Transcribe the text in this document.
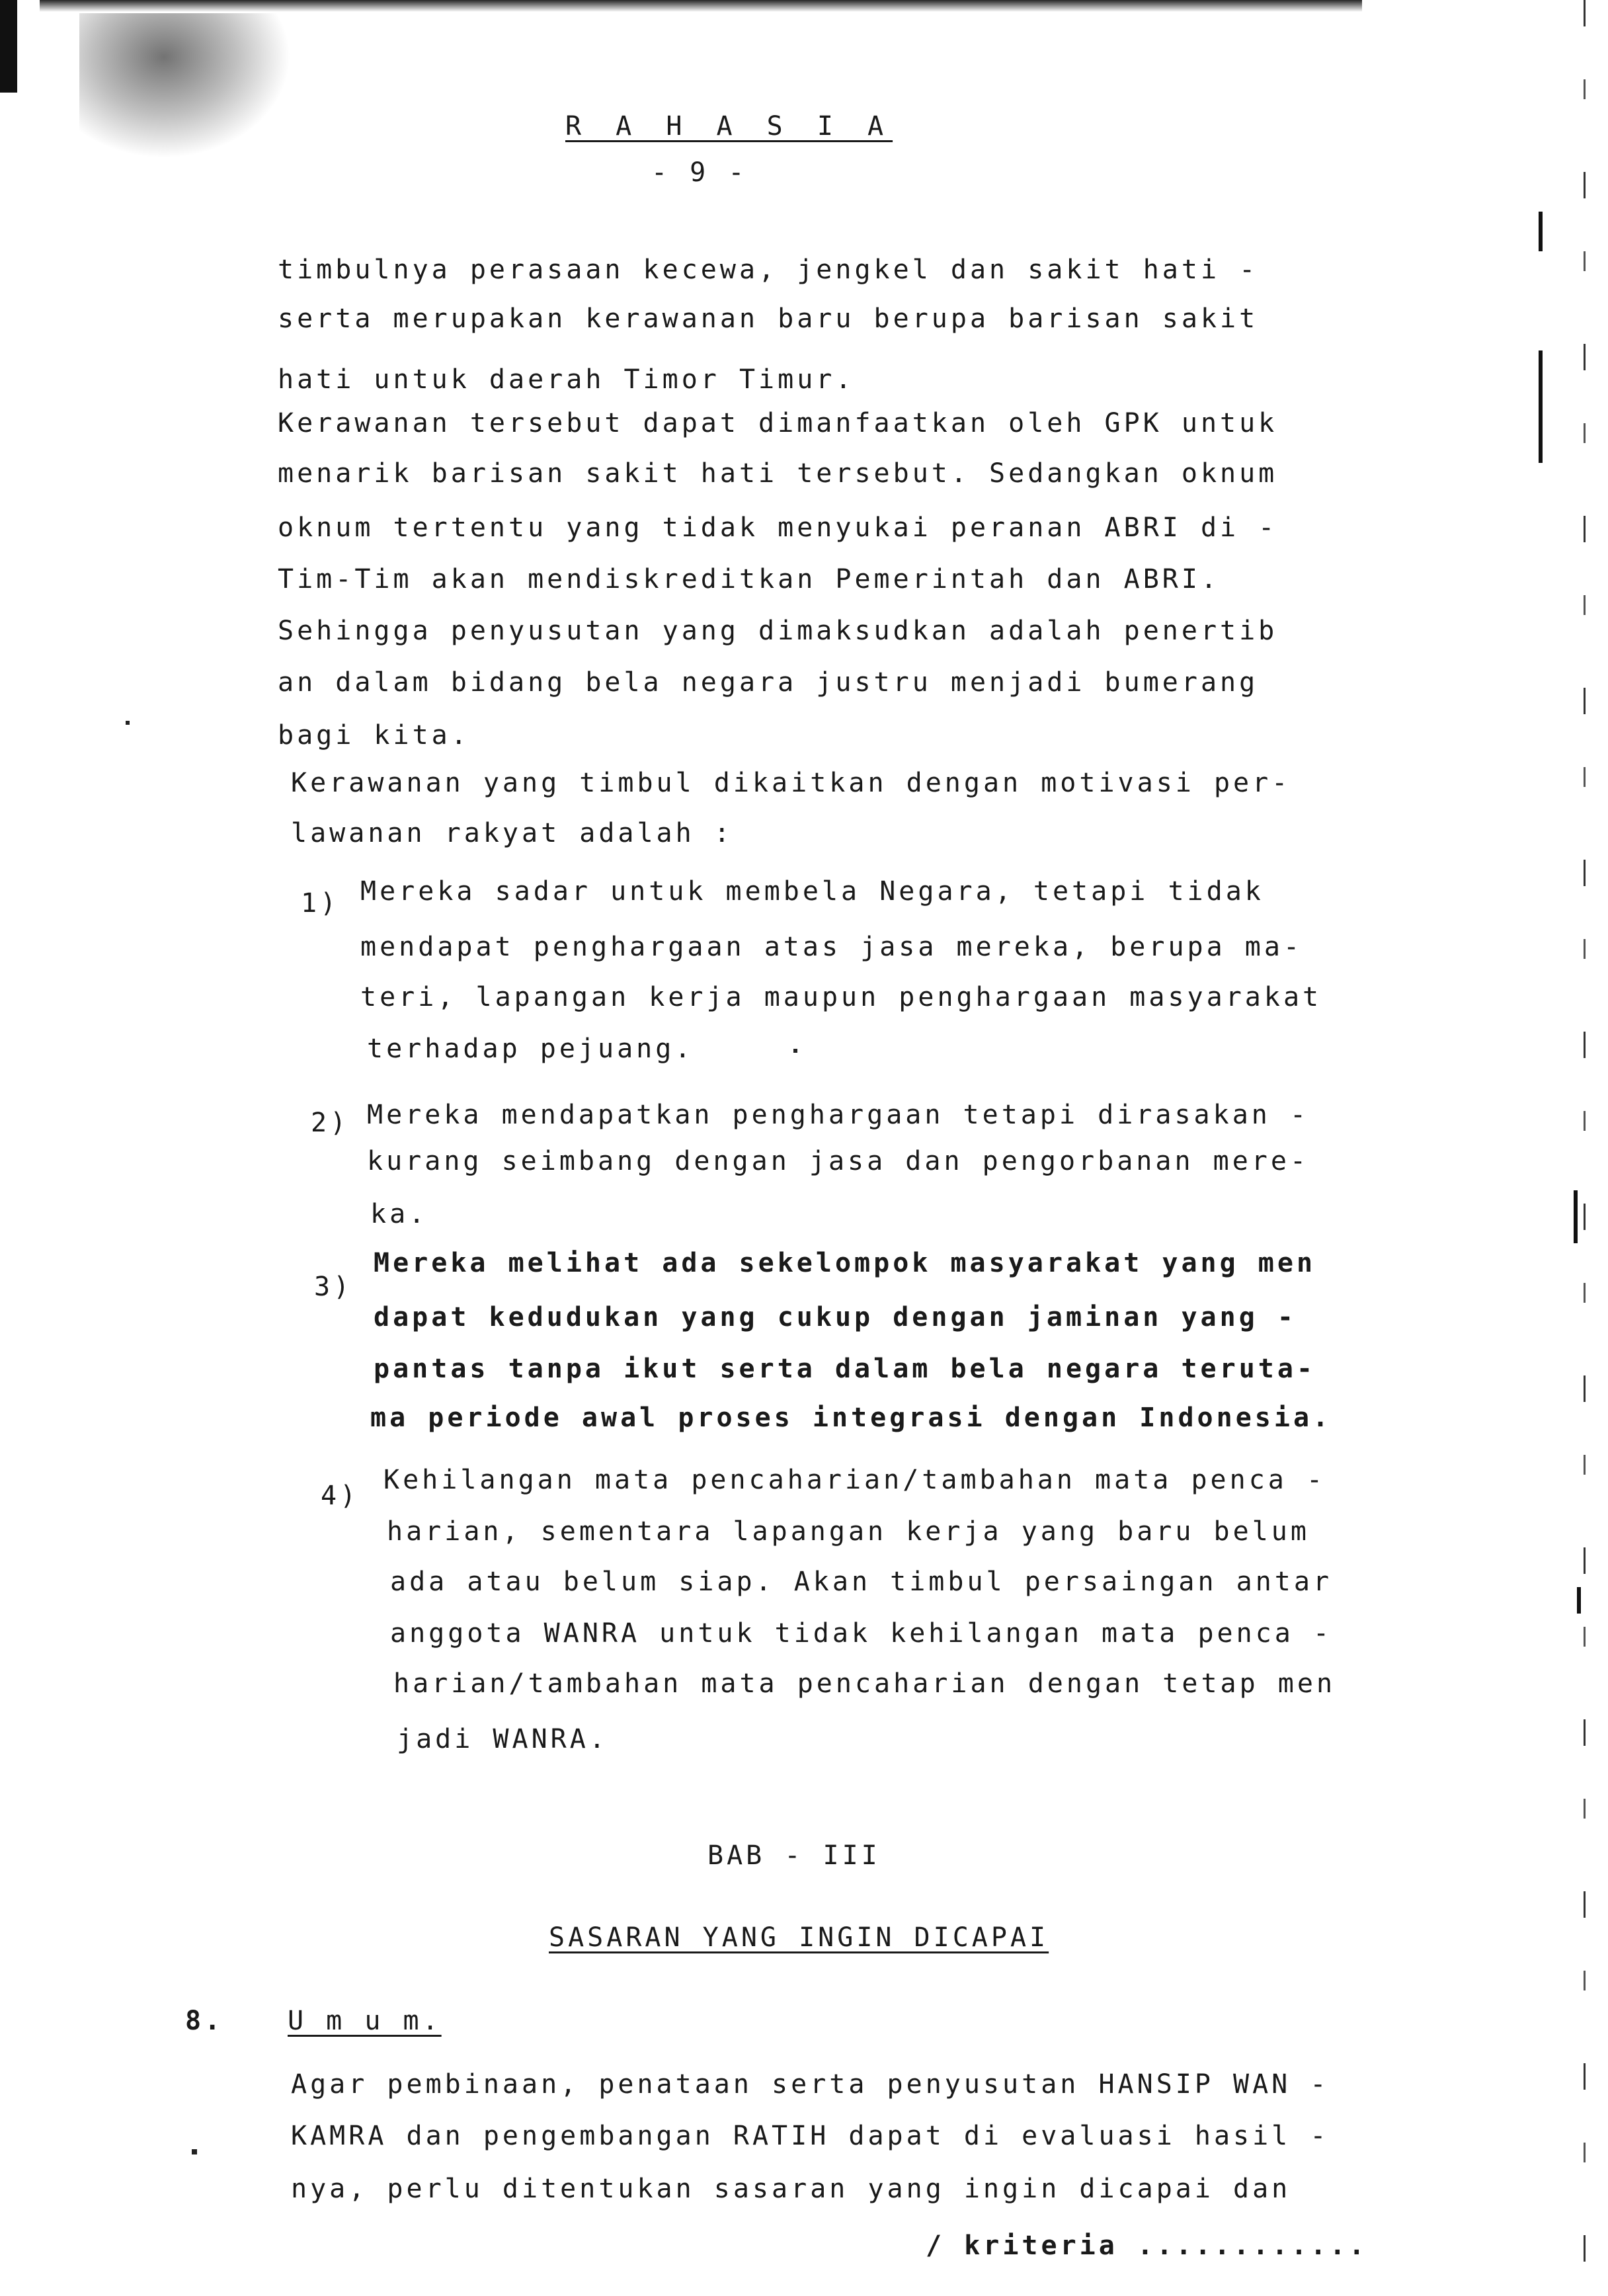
R A H A S I A
- 9 -
timbulnya perasaan kecewa, jengkel dan sakit hati -
serta merupakan kerawanan baru berupa barisan sakit
hati untuk daerah Timor Timur.
Kerawanan tersebut dapat dimanfaatkan oleh GPK untuk
menarik barisan sakit hati tersebut. Sedangkan oknum
oknum tertentu yang tidak menyukai peranan ABRI di -
Tim-Tim akan mendiskreditkan Pemerintah dan ABRI.
Sehingga penyusutan yang dimaksudkan adalah penertib
an dalam bidang bela negara justru menjadi bumerang
bagi kita.
Kerawanan yang timbul dikaitkan dengan motivasi per-
lawanan rakyat adalah :
1) Mereka sadar untuk membela Negara, tetapi tidak
mendapat penghargaan atas jasa mereka, berupa ma-
teri, lapangan kerja maupun penghargaan masyarakat
terhadap pejuang.
2) Mereka mendapatkan penghargaan tetapi dirasakan -
kurang seimbang dengan jasa dan pengorbanan mere-
ka.
3)
Mereka melihat ada sekelompok masyarakat yang men
dapat kedudukan yang cukup dengan jaminan yang -
pantas tanpa ikut serta dalam bela negara teruta-
ma periode awal proses integrasi dengan Indonesia.
4)
Kehilangan mata pencaharian/tambahan mata penca -
harian, sementara lapangan kerja yang baru belum
ada atau belum siap. Akan timbul persaingan antar
anggota WANRA untuk tidak kehilangan mata penca -
harian/tambahan mata pencaharian dengan tetap men
jadi WANRA.
BAB - III
SASARAN YANG INGIN DICAPAI
8. U m u m.
Agar pembinaan, penataan serta penyusutan HANSIP WAN -
KAMRA dan pengembangan RATIH dapat di evaluasi hasil -
nya, perlu ditentukan sasaran yang ingin dicapai dan
/ kriteria ............
